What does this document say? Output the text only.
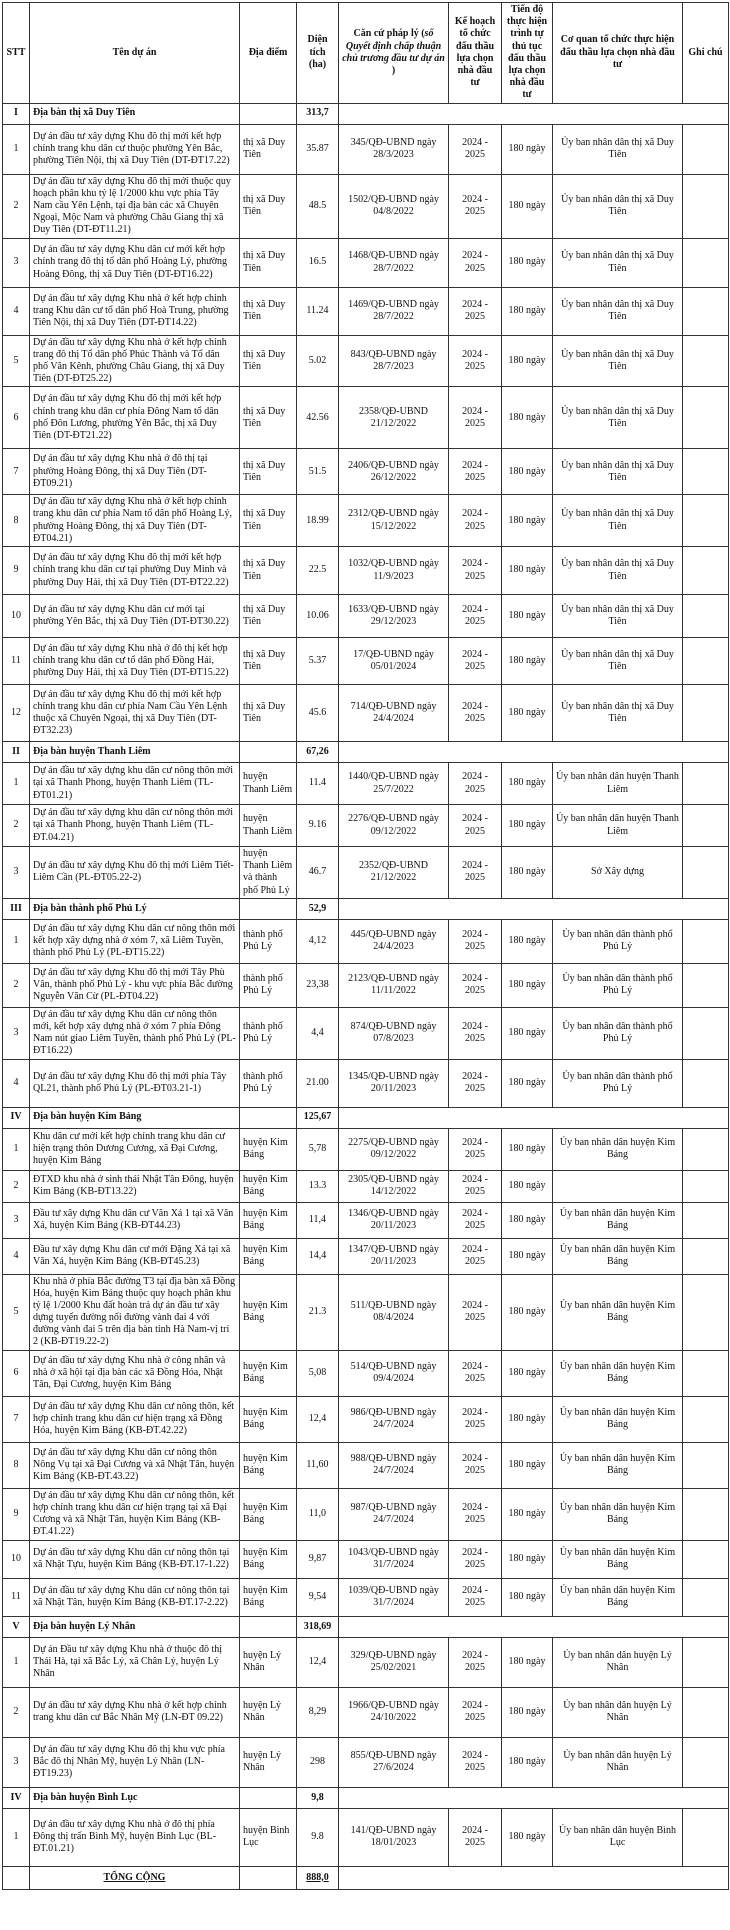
STT	Tên dự án	Địa điểm	Diện tích (ha)	Căn cứ pháp lý (số Quyết định chấp thuận chủ trương đầu tư dự án )	Kế hoạch tổ chức đấu thầu lựa chọn nhà đầu tư	Tiến độ thực hiện trình tự thủ tục đấu thầu lựa chọn nhà đầu tư	Cơ quan tổ chức thực hiện đấu thầu lựa chọn nhà đầu tư	Ghi chú
I	Địa bàn thị xã Duy Tiên		313,7					
1	Dự án đầu tư xây dựng Khu đô thị mới kết hợp chỉnh trang khu dân cư thuộc phường Yên Bắc, phường Tiên Nội, thị xã Duy Tiên (DT-ĐT17.22)	thị xã Duy Tiên	35.87	345/QĐ-UBND ngày 28/3/2023	2024 - 2025	180 ngày	Ủy ban nhân dân thị xã Duy Tiên	
2	Dự án đầu tư xây dựng Khu đô thị mới thuộc quy hoạch phân khu tỷ lệ 1/2000 khu vực phía Tây Nam cầu Yên Lệnh, tại địa bàn các xã Chuyên Ngoại, Mộc Nam và phường Châu Giang thị xã Duy Tiên (DT-ĐT11.21)	thị xã Duy Tiên	48.5	1502/QĐ-UBND ngày 04/8/2022	2024 - 2025	180 ngày	Ủy ban nhân dân thị xã Duy Tiên	
3	Dự án đầu tư xây dựng Khu dân cư mới kết hợp chỉnh trang đô thị tổ dân phố Hoàng Lý, phường Hoàng Đông, thị xã Duy Tiên (DT-ĐT16.22)	thị xã Duy Tiên	16.5	1468/QĐ-UBND ngày 28/7/2022	2024 - 2025	180 ngày	Ủy ban nhân dân thị xã Duy Tiên	
4	Dự án đầu tư xây dựng Khu nhà ở kết hợp chỉnh trang Khu dân cư tổ dân phố Hoà Trung, phường Tiên Nội, thị xã Duy Tiên (DT-ĐT14.22)	thị xã Duy Tiên	11.24	1469/QĐ-UBND ngày 28/7/2022	2024 - 2025	180 ngày	Ủy ban nhân dân thị xã Duy Tiên	
5	Dự án đầu tư xây dựng Khu nhà ở kết hợp chỉnh trang đô thị Tổ dân phố Phúc Thành và Tổ dân phố Văn Kênh, phường Châu Giang, thị xã Duy Tiên (DT-ĐT25.22)	thị xã Duy Tiên	5.02	843/QĐ-UBND ngày 28/7/2023	2024 - 2025	180 ngày	Ủy ban nhân dân thị xã Duy Tiên	
6	Dự án đầu tư xây dựng Khu đô thị mới kết hợp chỉnh trang khu dân cư phía Đông Nam tổ dân phố Đôn Lương, phường Yên Bắc, thị xã Duy Tiên (DT-ĐT21.22)	thị xã Duy Tiên	42.56	2358/QĐ-UBND 21/12/2022	2024 - 2025	180 ngày	Ủy ban nhân dân thị xã Duy Tiên	
7	Dự án đầu tư xây dựng Khu nhà ở đô thị tại phường Hoàng Đông, thị xã Duy Tiên (DT-ĐT09.21)	thị xã Duy Tiên	51.5	2406/QĐ-UBND ngày 26/12/2022	2024 - 2025	180 ngày	Ủy ban nhân dân thị xã Duy Tiên	
8	Dự án đầu tư xây dựng Khu nhà ở kết hợp chỉnh trang khu dân cư phía Nam tổ dân phố Hoàng Lý, phường Hoàng Đông, thị xã Duy Tiên (DT-ĐT04.21)	thị xã Duy Tiên	18.99	2312/QĐ-UBND ngày 15/12/2022	2024 - 2025	180 ngày	Ủy ban nhân dân thị xã Duy Tiên	
9	Dự án đầu tư xây dựng Khu đô thị mới kết hợp chỉnh trang khu dân cư tại phường Duy Minh và phường Duy Hải, thị xã Duy Tiên (DT-ĐT22.22)	thị xã Duy Tiên	22.5	1032/QĐ-UBND ngày 11/9/2023	2024 - 2025	180 ngày	Ủy ban nhân dân thị xã Duy Tiên	
10	Dự án đầu tư xây dựng Khu dân cư mới tại phường Yên Bắc, thị xã Duy Tiên (DT-ĐT30.22)	thị xã Duy Tiên	10.06	1633/QĐ-UBND ngày 29/12/2023	2024 - 2025	180 ngày	Ủy ban nhân dân thị xã Duy Tiên	
11	Dự án đầu tư xây dựng Khu nhà ở đô thị kết hợp chỉnh trang khu dân cư tổ dân phố Đồng Hải, phường Duy Hải, thị xã Duy Tiên (DT-ĐT15.22)	thị xã Duy Tiên	5.37	17/QĐ-UBND ngày 05/01/2024	2024 - 2025	180 ngày	Ủy ban nhân dân thị xã Duy Tiên	
12	Dự án đầu tư xây dựng Khu đô thị mới kết hợp chỉnh trang khu dân cư phía Nam Cầu Yên Lệnh thuộc xã Chuyên Ngoại, thị xã Duy Tiên (DT- ĐT32.23)	thị xã Duy Tiên	45.6	714/QĐ-UBND ngày 24/4/2024	2024 - 2025	180 ngày	Ủy ban nhân dân thị xã Duy Tiên	
II	Địa bàn huyện Thanh Liêm		67,26					
1	Dự án đầu tư xây dựng khu dân cư nông thôn mới tại xã Thanh Phong, huyện Thanh Liêm (TL-ĐT01.21)	huyện Thanh Liêm	11.4	1440/QĐ-UBND ngày 25/7/2022	2024 - 2025	180 ngày	Ủy ban nhân dân huyện Thanh Liêm	
2	Dự án đầu tư xây dựng khu dân cư nông thôn mới tại xã Thanh Phong, huyện Thanh Liêm (TL-ĐT.04.21)	huyện Thanh Liêm	9.16	2276/QĐ-UBND ngày 09/12/2022	2024 - 2025	180 ngày	Ủy ban nhân dân huyện Thanh Liêm	
3	Dự án đầu tư xây dựng Khu đô thị mới Liêm Tiết-Liêm Cần (PL-ĐT05.22-2)	huyện Thanh Liêm và thành phố Phủ Lý	46.7	2352/QĐ-UBND 21/12/2022	2024 - 2025	180 ngày	Sở Xây dựng	
III	Địa bàn thành phố Phủ Lý		52,9					
1	Dự án đầu tư xây dựng Khu dân cư nông thôn mới kết hợp xây dựng nhà ở xóm 7, xã Liêm Tuyền, thành phố Phủ Lý (PL-ĐT15.22)	thành phố Phủ Lý	4,12	445/QĐ-UBND ngày 24/4/2023	2024 - 2025	180 ngày	Ủy ban nhân dân thành phố Phủ Lý	
2	Dự án đầu tư xây dựng Khu đô thị mới Tây Phù Vân, thành phố Phủ Lý - khu vực phía Bắc đường Nguyễn Văn Cừ (PL-ĐT04.22)	thành phố Phủ Lý	23,38	2123/QĐ-UBND ngày 11/11/2022	2024 - 2025	180 ngày	Ủy ban nhân dân thành phố Phủ Lý	
3	Dự án đầu tư xây dựng Khu dân cư nông thôn mới, kết hợp xây dựng nhà ở xóm 7 phía Đông Nam nút giao Liêm Tuyền, thành phố Phủ Lý (PL-ĐT16.22)	thành phố Phủ Lý	4,4	874/QĐ-UBND ngày 07/8/2023	2024 - 2025	180 ngày	Ủy ban nhân dân thành phố Phủ Lý	
4	Dự án đầu tư xây dựng Khu đô thị mới phía Tây QL21, thành phố Phủ Lý (PL-ĐT03.21-1)	thành phố Phủ Lý	21.00	1345/QĐ-UBND ngày 20/11/2023	2024 - 2025	180 ngày	Ủy ban nhân dân thành phố Phủ Lý	
IV	Địa bàn huyện Kim Bảng		125,67					
1	Khu dân cư mới kết hợp chỉnh trang khu dân cư hiện trạng thôn Dương Cương, xã Đại Cương, huyện Kim Bảng	huyện Kim Bảng	5,78	2275/QĐ-UBND ngày 09/12/2022	2024 - 2025	180 ngày	Ủy ban nhân dân huyện Kim Bảng	
2	ĐTXD khu nhà ở sinh thái Nhật Tân Đông, huyện Kim Bảng (KB-ĐT13.22)	huyện Kim Bảng	13.3	2305/QĐ-UBND ngày 14/12/2022	2024 - 2025	180 ngày		
3	Đầu tư xây dựng Khu dân cư Văn Xá 1 tại xã Văn Xá, huyện Kim Bảng (KB-ĐT44.23)	huyện Kim Bảng	11,4	1346/QĐ-UBND ngày 20/11/2023	2024 - 2025	180 ngày	Ủy ban nhân dân huyện Kim Bảng	
4	Đầu tư xây dựng Khu dân cư mới Đặng Xá tại xã Văn Xá, huyện Kim Bảng (KB-ĐT45.23)	huyện Kim Bảng	14,4	1347/QĐ-UBND ngày 20/11/2023	2024 - 2025	180 ngày	Ủy ban nhân dân huyện Kim Bảng	
5	Khu nhà ở phía Bắc đường T3 tại địa bàn xã Đồng Hóa, huyện Kim Bảng thuộc quy hoạch phân khu tỷ lệ 1/2000 Khu đất hoàn trả dự án đầu tư xây dựng tuyến đường nối đường vành đai 4 với đường vành đai 5 trên địa bàn tỉnh Hà Nam-vị trí 2 (KB-ĐT19.22-2)	huyện Kim Bảng	21.3	511/QĐ-UBND ngày 08/4/2024	2024 - 2025	180 ngày	Ủy ban nhân dân huyện Kim Bảng	
6	Dự án đầu tư xây dựng Khu nhà ở công nhân và nhà ở xã hội tại địa bàn các xã Đồng Hóa, Nhật Tân, Đại Cương, huyện Kim Bảng	huyện Kim Bảng	5,08	514/QĐ-UBND ngày 09/4/2024	2024 - 2025	180 ngày	Ủy ban nhân dân huyện Kim Bảng	
7	Dự án đầu tư xây dựng Khu dân cư nông thôn, kết hợp chỉnh trang khu dân cư hiện trạng xã Đồng Hóa, huyện Kim Bảng (KB-ĐT.42.22)	huyện Kim Bảng	12,4	986/QĐ-UBND ngày 24/7/2024	2024 - 2025	180 ngày	Ủy ban nhân dân huyện Kim Bảng	
8	Dự án đầu tư xây dựng Khu dân cư nông thôn Nông Vụ tại xã Đại Cương và xã Nhật Tân, huyện Kim Bảng (KB-ĐT.43.22)	huyện Kim Bảng	11,60	988/QĐ-UBND ngày 24/7/2024	2024 - 2025	180 ngày	Ủy ban nhân dân huyện Kim Bảng	
9	Dự án đầu tư xây dựng Khu dân cư nông thôn, kết hợp chỉnh trang khu dân cư hiện trạng tại xã Đại Cương và xã Nhật Tân, huyện Kim Bảng (KB-ĐT.41.22)	huyện Kim Bảng	11,0	987/QĐ-UBND ngày 24/7/2024	2024 - 2025	180 ngày	Ủy ban nhân dân huyện Kim Bảng	
10	Dự án đầu tư xây dựng Khu dân cư nông thôn tại xã Nhật Tựu, huyện Kim Bảng (KB-ĐT.17-1.22)	huyện Kim Bảng	9,87	1043/QĐ-UBND ngày 31/7/2024	2024 - 2025	180 ngày	Ủy ban nhân dân huyện Kim Bảng	
11	Dự án đầu tư xây dựng Khu dân cư nông thôn tại xã Nhật Tân, huyện Kim Bảng (KB-ĐT.17-2.22)	huyện Kim Bảng	9,54	1039/QĐ-UBND ngày 31/7/2024	2024 - 2025	180 ngày	Ủy ban nhân dân huyện Kim Bảng	
V	Địa bàn huyện Lý Nhân		318,69					
1	Dự án Đầu tư xây dựng Khu nhà ở thuộc đô thị Thái Hà, tại xã Bắc Lý, xã Chân Lý, huyện Lý Nhân	huyện Lý Nhân	12,4	329/QĐ-UBND ngày 25/02/2021	2024 - 2025	180 ngày	Ủy ban nhân dân huyện Lý Nhân	
2	Dự án đầu tư xây dựng Khu nhà ở kết hợp chỉnh trang khu dân cư Bắc Nhân Mỹ (LN-ĐT 09.22)	huyện Lý Nhân	8,29	1966/QĐ-UBND ngày 24/10/2022	2024 - 2025	180 ngày	Ủy ban nhân dân huyện Lý Nhân	
3	Dự án đầu tư xây dựng Khu đô thị khu vực phía Bắc đô thị Nhân Mỹ, huyện Lý Nhân (LN-ĐT19.23)	huyện Lý Nhân	298	855/QĐ-UBND ngày 27/6/2024	2024 - 2025	180 ngày	Ủy ban nhân dân huyện Lý Nhân	
IV	Địa bàn huyện Bình Lục		9,8					
1	Dự án đầu tư xây dựng Khu nhà ở đô thị phía Đông thị trấn Bình Mỹ, huyện Bình Lục (BL-ĐT.01.21)	huyện Bình Lục	9.8	141/QĐ-UBND ngày 18/01/2023	2024 - 2025	180 ngày	Ủy ban nhân dân huyện Bình Lục	
	TỔNG CỘNG		888,0					
